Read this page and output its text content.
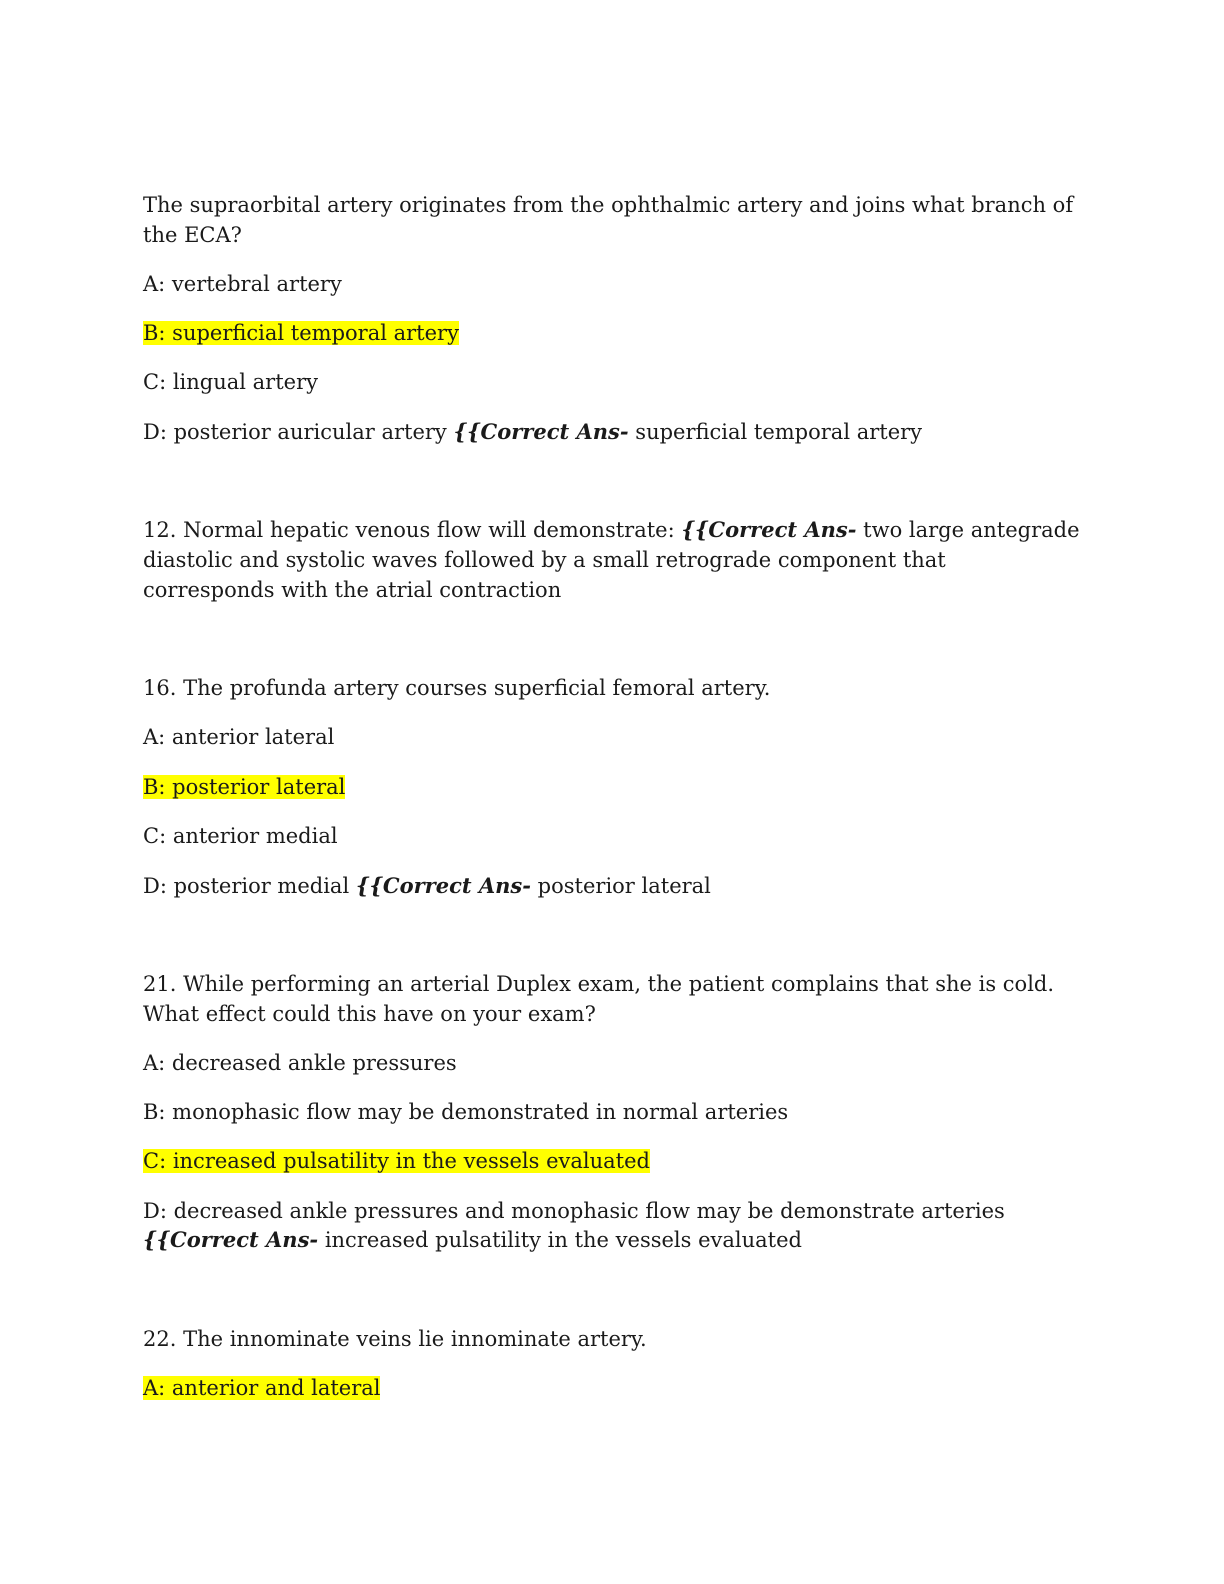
The supraorbital artery originates from the ophthalmic artery and joins what branch of
the ECA?
A: vertebral artery
B: superficial temporal artery
C: lingual artery
D: posterior auricular artery {{Correct Ans- superficial temporal artery
12. Normal hepatic venous flow will demonstrate: {{Correct Ans- two large antegrade
diastolic and systolic waves followed by a small retrograde component that
corresponds with the atrial contraction
16. The profunda artery courses superficial femoral artery.
A: anterior lateral
B: posterior lateral
C: anterior medial
D: posterior medial {{Correct Ans- posterior lateral
21. While performing an arterial Duplex exam, the patient complains that she is cold.
What effect could this have on your exam?
A: decreased ankle pressures
B: monophasic flow may be demonstrated in normal arteries
C: increased pulsatility in the vessels evaluated
D: decreased ankle pressures and monophasic flow may be demonstrate arteries
{{Correct Ans- increased pulsatility in the vessels evaluated
22. The innominate veins lie innominate artery.
A: anterior and lateral
